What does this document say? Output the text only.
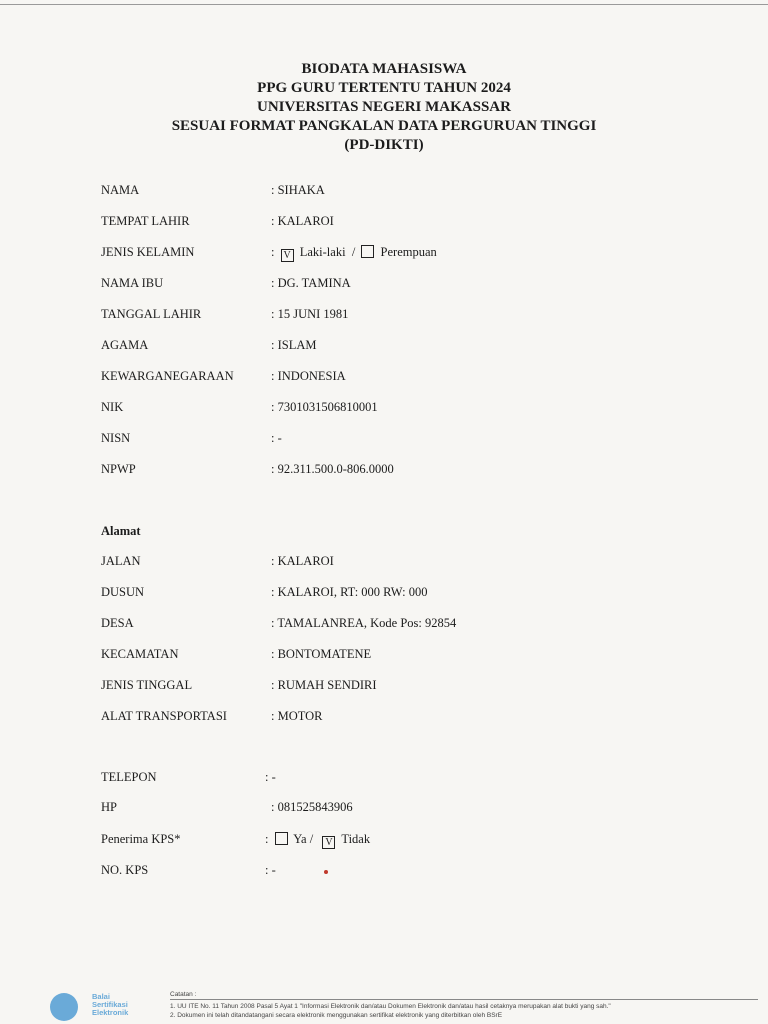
BIODATA MAHASISWA
PPG GURU TERTENTU TAHUN 2024
UNIVERSITAS NEGERI MAKASSAR
SESUAI FORMAT PANGKALAN DATA PERGURUAN TINGGI
(PD-DIKTI)
NAMA	: SIHAKA
TEMPAT LAHIR	: KALAROI
JENIS KELAMIN	: V Laki-laki / Perempuan
NAMA IBU	: DG. TAMINA
TANGGAL LAHIR	: 15 JUNI 1981
AGAMA	: ISLAM
KEWARGANEGARAAN	: INDONESIA
NIK	: 7301031506810001
NISN	: -
NPWP	: 92.311.500.0-806.0000
Alamat
JALAN	: KALAROI
DUSUN	: KALAROI, RT: 000 RW: 000
DESA	: TAMALANREA, Kode Pos: 92854
KECAMATAN	: BONTOMATENE
JENIS TINGGAL	: RUMAH SENDIRI
ALAT TRANSPORTASI	: MOTOR
TELEPON	: -
HP	: 081525843906
Penerima KPS*	: Ya / V Tidak
NO. KPS	: -
Balai
Sertifikasi
Elektronik
Catatan :
1. UU ITE No. 11 Tahun 2008 Pasal 5 Ayat 1 "Informasi Elektronik dan/atau Dokumen Elektronik dan/atau hasil cetaknya merupakan alat bukti yang sah."
2. Dokumen ini telah ditandatangani secara elektronik menggunakan sertifikat elektronik yang diterbitkan oleh BSrE
